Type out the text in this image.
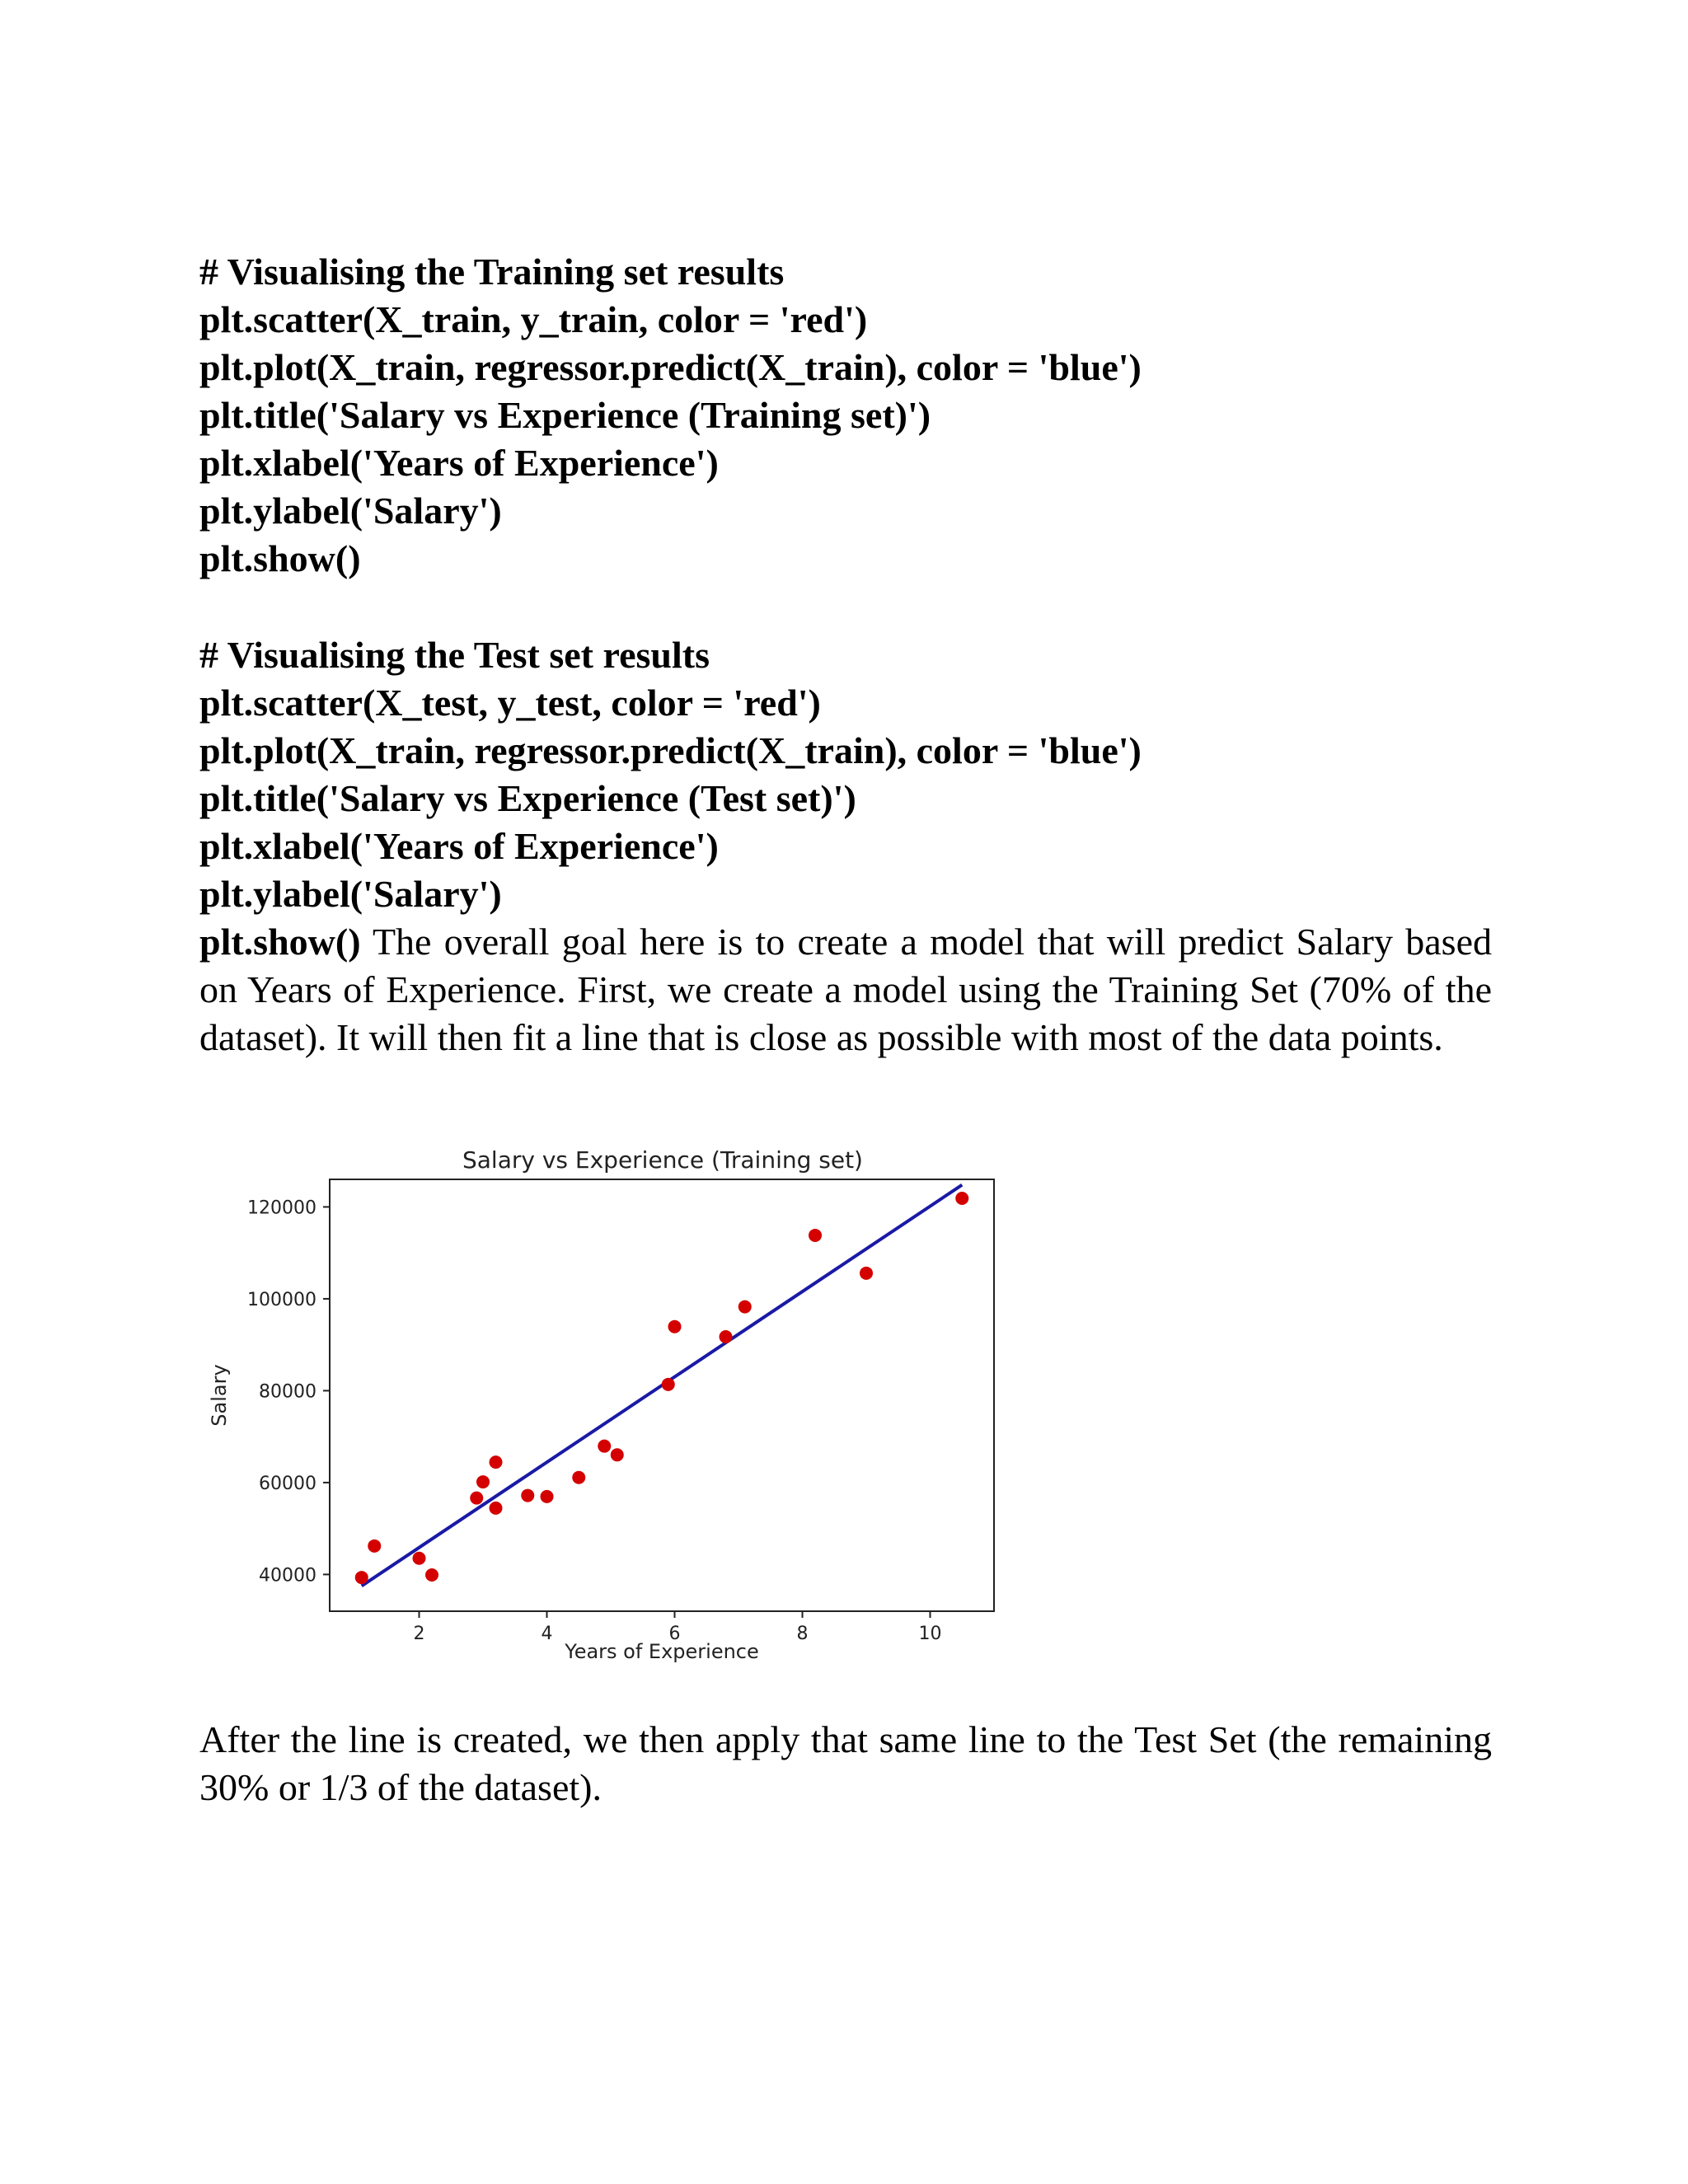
# Visualising the Training set results
plt.scatter(X_train, y_train, color = 'red')
plt.plot(X_train, regressor.predict(X_train), color = 'blue')
plt.title('Salary vs Experience (Training set)')
plt.xlabel('Years of Experience')
plt.ylabel('Salary')
plt.show()
# Visualising the Test set results
plt.scatter(X_test, y_test, color = 'red')
plt.plot(X_train, regressor.predict(X_train), color = 'blue')
plt.title('Salary vs Experience (Test set)')
plt.xlabel('Years of Experience')
plt.ylabel('Salary')
plt.show() The overall goal here is to create a model that will predict Salary based on Years of Experience. First, we create a model using the Training Set (70% of the dataset). It will then fit a line that is close as possible with most of the data points.
Salary vs Experience (Training set)
40000
60000
80000
100000
120000
2	4	6	8	10
Years of Experience
Salary
After the line is created, we then apply that same line to the Test Set (the remaining 30% or 1/3 of the dataset).
